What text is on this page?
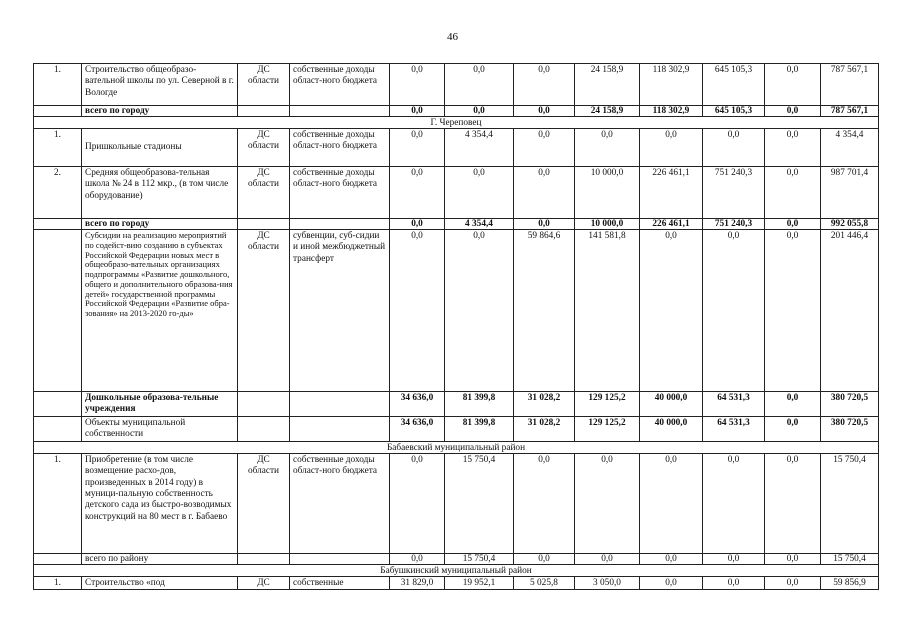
46
1.	Строительство общеобразо-вательной школы по ул. Северной в г. Вологде	ДС области	собственные доходы област-ного бюджета	0,0	0,0	0,0	24 158,9	118 302,9	645 105,3	0,0	787 567,1
	всего по городу			0,0	0,0	0,0	24 158,9	118 302,9	645 105,3	0,0	787 567,1
Г. Череповец											
1.	Пришкольные стадионы	ДС области	собственные доходы област-ного бюджета	0,0	4 354,4	0,0	0,0	0,0	0,0	0,0	4 354,4
2.	Средняя общеобразова-тельная школа № 24 в 112 мкр., (в том числе оборудование)	ДС области	собственные доходы област-ного бюджета	0,0	0,0	0,0	10 000,0	226 461,1	751 240,3	0,0	987 701,4
	всего по городу			0,0	4 354,4	0,0	10 000,0	226 461,1	751 240,3	0,0	992 055,8
	Субсидии на реализацию мероприятий по содейст-вию созданию в субъектах Российской Федерации новых мест в общеобразо-вательных организациях подпрограммы «Развитие дошкольного, общего и дополнительного образова-ния детей» государственной программы Российской Федерации «Развитие обра-зования» на 2013-2020 го-ды»	ДС области	субвенции, суб-сидии и иной межбюджетный трансферт	0,0	0,0	59 864,6	141 581,8	0,0	0,0	0,0	201 446,4
	Дошкольные образова-тельные учреждения			34 636,0	81 399,8	31 028,2	129 125,2	40 000,0	64 531,3	0,0	380 720,5
	Объекты муниципальной собственности			34 636,0	81 399,8	31 028,2	129 125,2	40 000,0	64 531,3	0,0	380 720,5
Бабаевский муниципальный район											
1.	Приобретение (в том числе возмещение расхо-дов, произведенных в 2014 году) в муници-пальную собственность детского сада из быстро-возводимых конструкций на 80 мест в г. Бабаево	ДС области	собственные доходы област-ного бюджета	0,0	15 750,4	0,0	0,0	0,0	0,0	0,0	15 750,4
	всего по району			0,0	15 750,4	0,0	0,0	0,0	0,0	0,0	15 750,4
Бабушкинский муниципальный район											
1.	Строительство «под	ДС	собственные	31 829,0	19 952,1	5 025,8	3 050,0	0,0	0,0	0,0	59 856,9
